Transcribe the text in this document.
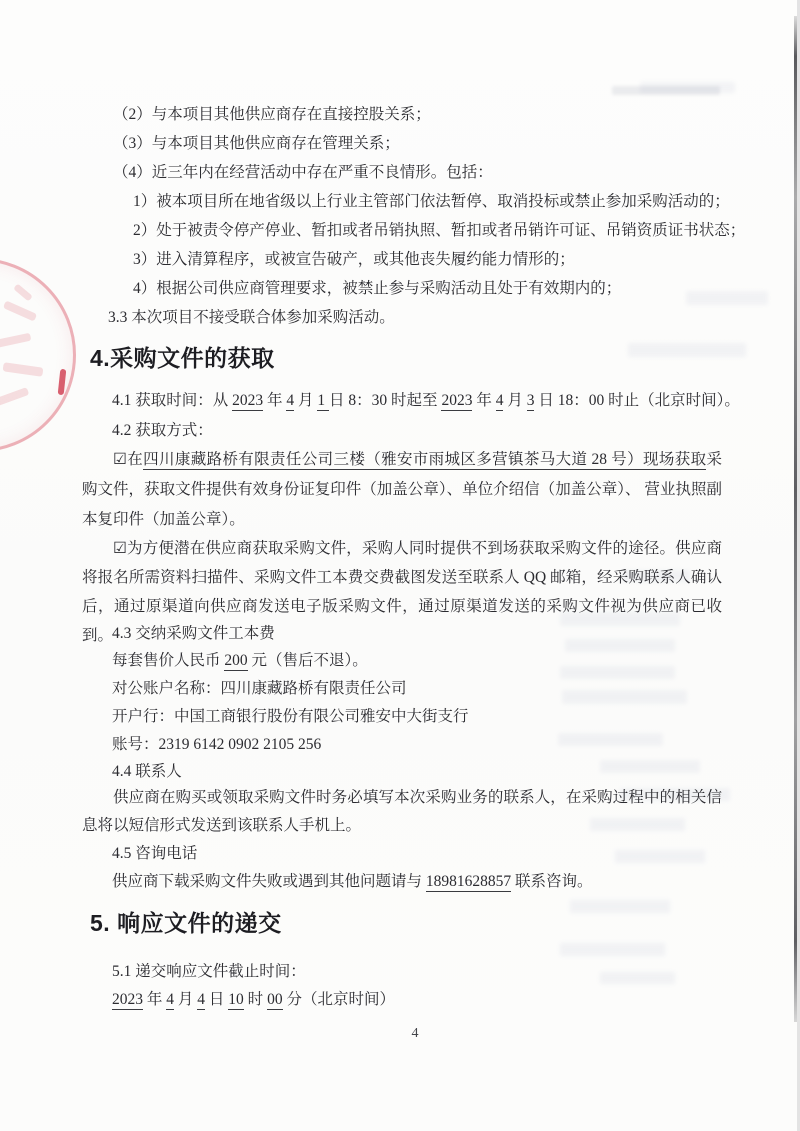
（2）与本项目其他供应商存在直接控股关系；
（3）与本项目其他供应商存在管理关系；
（4）近三年内在经营活动中存在严重不良情形。包括：
1）被本项目所在地省级以上行业主管部门依法暂停、取消投标或禁止参加采购活动的；
2）处于被责令停产停业、暂扣或者吊销执照、暂扣或者吊销许可证、吊销资质证书状态；
3）进入清算程序，或被宣告破产，或其他丧失履约能力情形的；
4）根据公司供应商管理要求，被禁止参与采购活动且处于有效期内的；
3.3 本次项目不接受联合体参加采购活动。
4.采购文件的获取
4.1 获取时间：从 2023 年 4 月 1 日 8：30 时起至 2023 年 4 月 3 日 18：00 时止（北京时间）。
4.2 获取方式：

☑在四川康藏路桥有限责任公司三楼（雅安市雨城区多营镇茶马大道 28 号）现场获取采购文件，获取文件提供有效身份证复印件（加盖公章）、单位介绍信（加盖公章）、 营业执照副本复印件（加盖公章）。

☑为方便潜在供应商获取采购文件，采购人同时提供不到场获取采购文件的途径。供应商将报名所需资料扫描件、采购文件工本费交费截图发送至联系人 QQ 邮箱，经采购联系人确认后，通过原渠道向供应商发送电子版采购文件，通过原渠道发送的采购文件视为供应商已收到。

4.3 交纳采购文件工本费
每套售价人民币 200 元（售后不退）。
对公账户名称：四川康藏路桥有限责任公司
开户行：中国工商银行股份有限公司雅安中大街支行
账号：2319 6142 0902 2105 256
4.4 联系人

供应商在购买或领取采购文件时务必填写本次采购业务的联系人，在采购过程中的相关信息将以短信形式发送到该联系人手机上。

4.5 咨询电话
供应商下载采购文件失败或遇到其他问题请与 18981628857 联系咨询。
5. 响应文件的递交
5.1 递交响应文件截止时间：
2023 年 4 月 4 日 10 时 00 分（北京时间）
4
